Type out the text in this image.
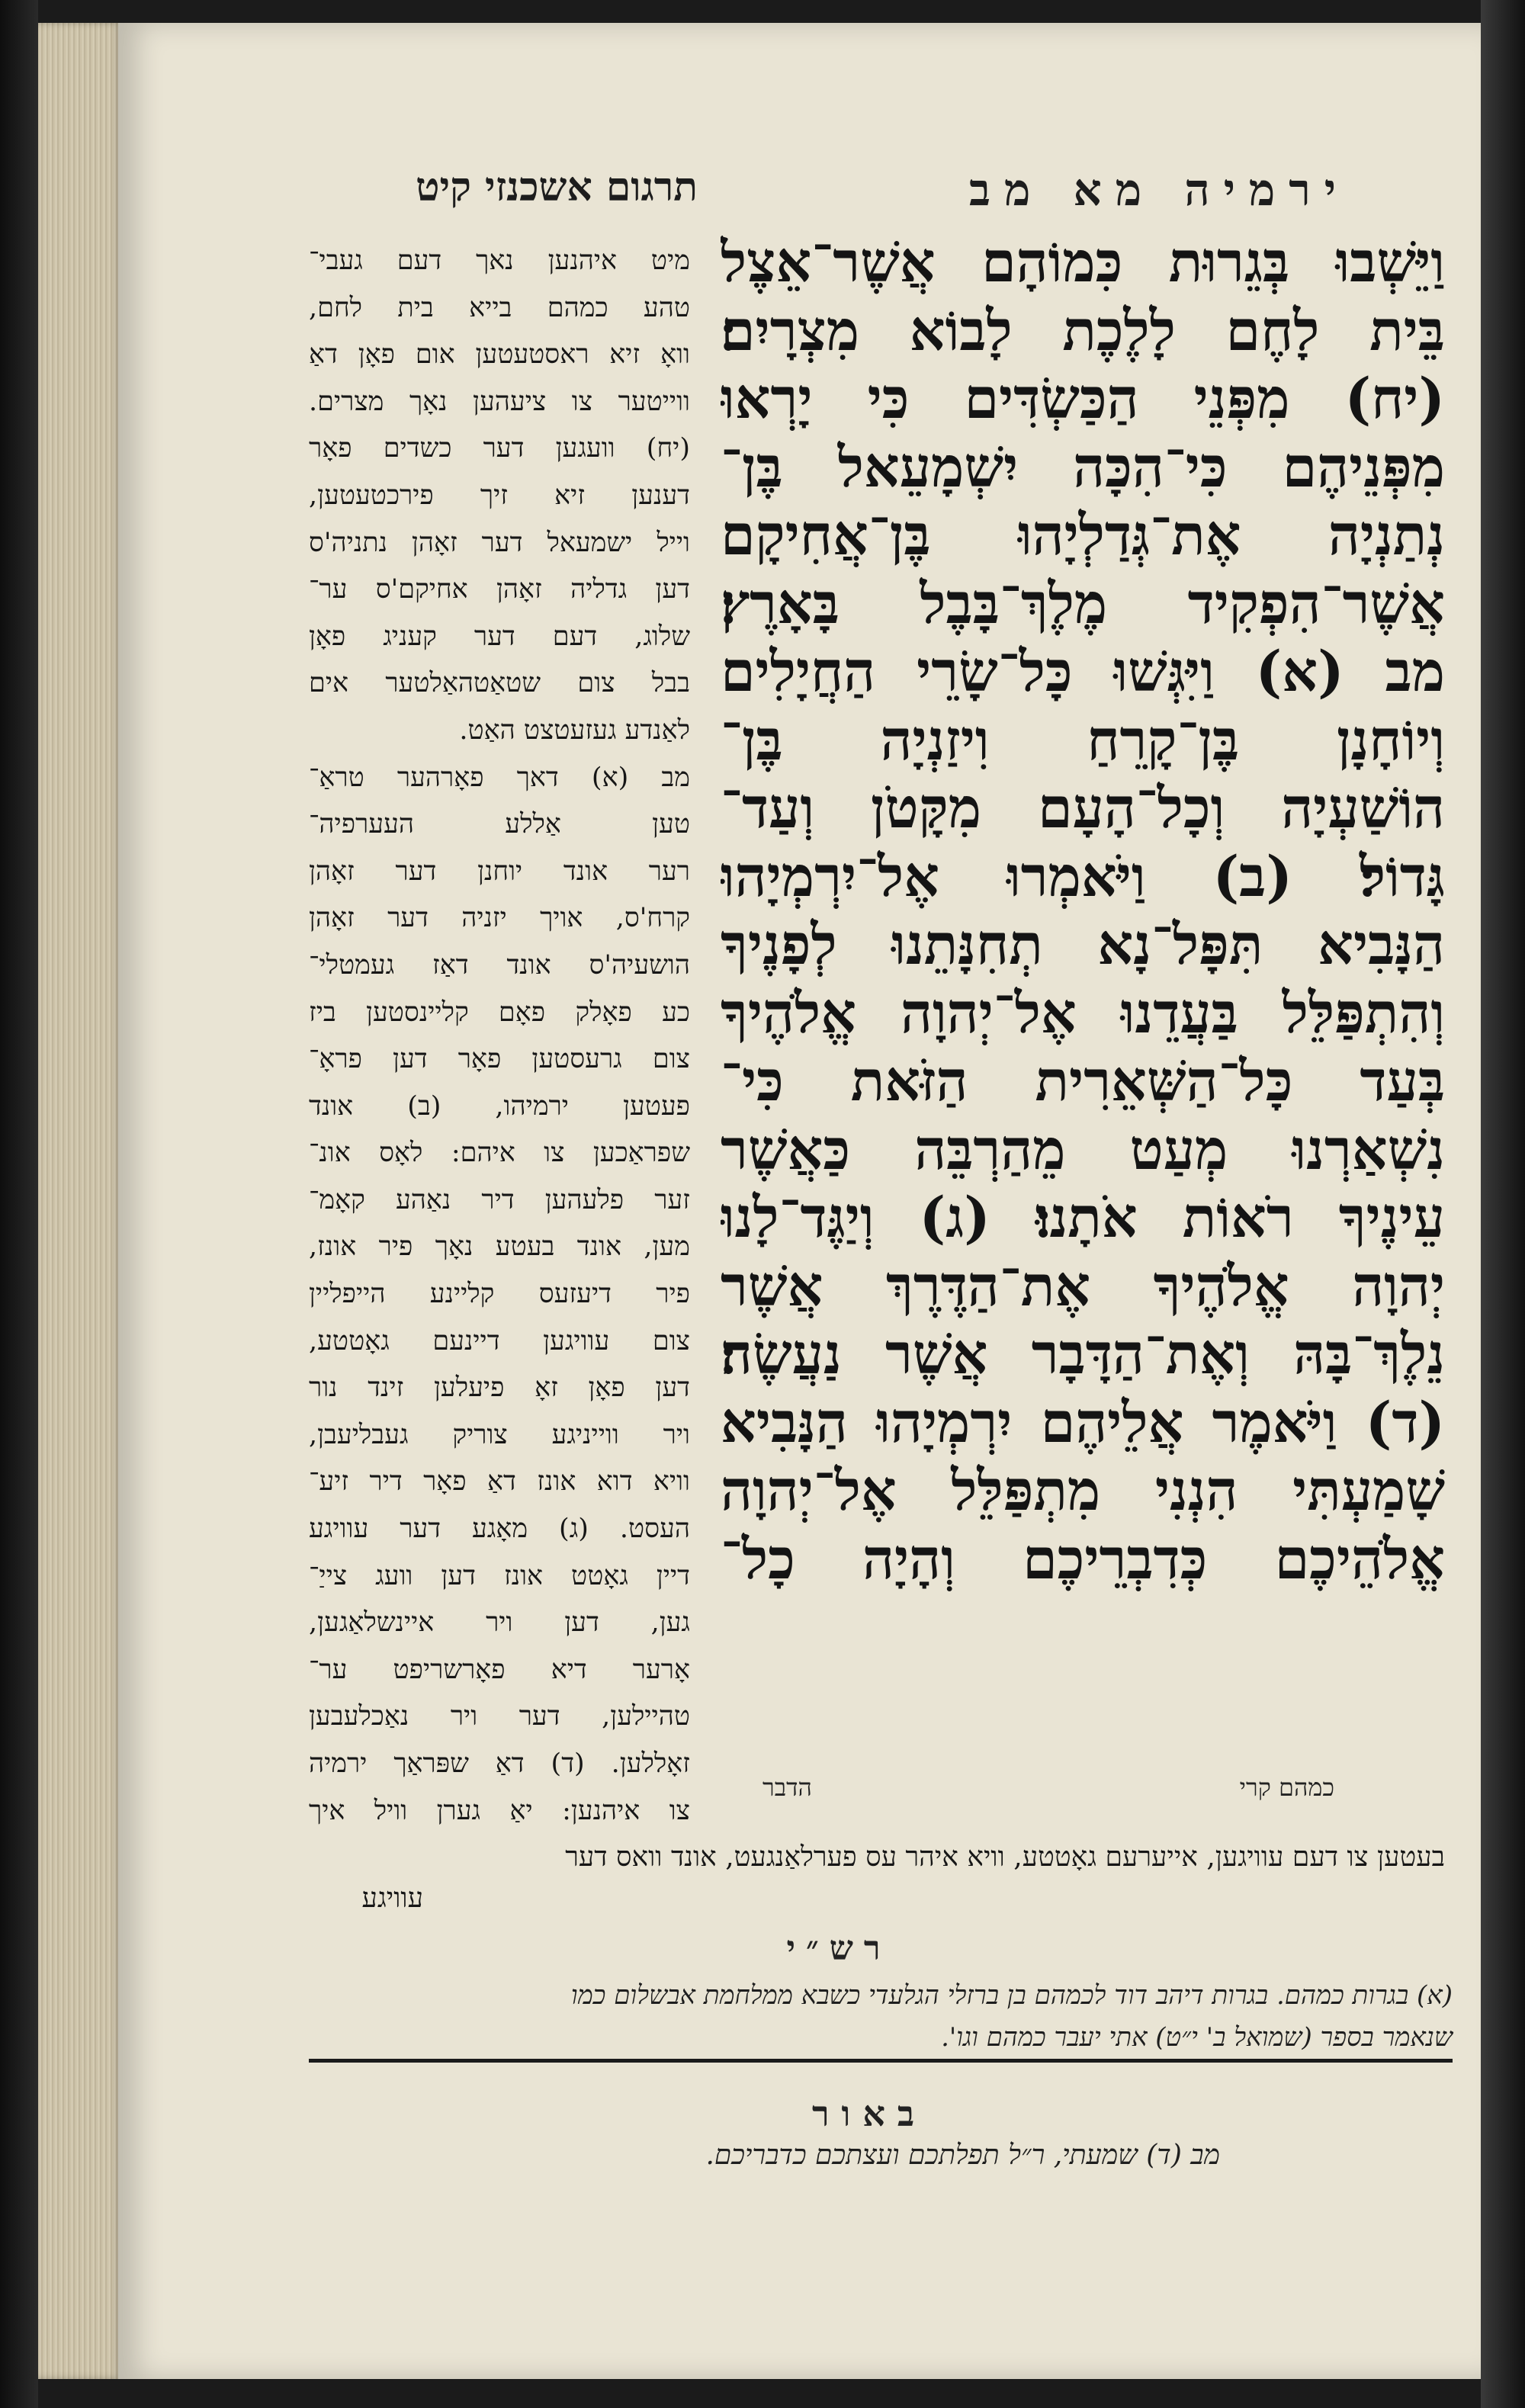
ירמיה מא מב
תרגום אשכנזי קיט
וַיֵּשְׁבוּ בְּגֵרוּת כִּמוֹהָם אֲשֶׁר־אֵצֶל
בֵּית לָחֶם לָלֶכֶת לָבוֹא מִצְרָיִם׃
(יח) מִפְּנֵי הַכַּשְׂדִּים כִּי יָרְאוּ
מִפְּנֵיהֶם כִּי־הִכָּה יִשְׁמָעֵאל בֶּן־
נְתַנְיָה אֶת־גְּדַלְיָהוּ בֶּן־אֲחִיקָם
אֲשֶׁר־הִפְקִיד מֶלֶךְ־בָּבֶל בָּאָרֶץ׃
מב (א) וַיִּגְּשׁוּ כָּל־שָׂרֵי הַחֲיָלִים
וְיוֹחָנָן בֶּן־קָרֵחַ וִיזַנְיָה בֶּן־
הוֹשַׁעְיָה וְכָל־הָעָם מִקָּטֹן וְעַד־
גָּדוֹל׃ (ב) וַיֹּאמְרוּ אֶל־יִרְמְיָהוּ
הַנָּבִיא תִּפָּל־נָא תְחִנָּתֵנוּ לְפָנֶיךָ
וְהִתְפַּלֵּל בַּעֲדֵנוּ אֶל־יְהוָה אֱלֹהֶיךָ
בְּעַד כָּל־הַשְּׁאֵרִית הַזֹּאת כִּי־
נִשְׁאַרְנוּ מְעַט מֵהַרְבֵּה כַּאֲשֶׁר
עֵינֶיךָ רֹאוֹת אֹתָנוּ׃ (ג) וְיַגֶּד־לָנוּ
יְהוָה אֱלֹהֶיךָ אֶת־הַדֶּרֶךְ אֲשֶׁר
נֵלֶךְ־בָּהּ וְאֶת־הַדָּבָר אֲשֶׁר נַעֲשֶׂה׃
(ד) וַיֹּאמֶר אֲלֵיהֶם יִרְמְיָהוּ הַנָּבִיא
שָׁמַעְתִּי הִנְנִי מִתְפַּלֵּל אֶל־יְהוָה
אֱלֹהֵיכֶם כְּדִבְרֵיכֶם וְהָיָה כָל־
מיט איהנען נאך דעם געבי־
טהע כמהם בייא בית לחם,
וואָ זיא ראסטעטען אום פאָן דאַ
ווייטער צו ציעהען נאָך מצרים.
(יח) וועגען דער כשדים פאָר
דענען זיא זיך פירכטעטען,
וייל ישמעאל דער זאָהן נתניה'ס
דען גדליה זאָהן אחיקם'ס ער־
שלוג, דעם דער קעניג פאָן
בבל צום שטאַטהאַלטער אים
לאַנדע געזעטצט האַט.
מב (א) דאך פאָרהער טראַ־
טען אַללע העערפיה־
רער אונד יוחנן דער זאָהן
קרח'ס, אויך יזניה דער זאָהן
הושעיה'ס אונד דאַז געמטלי־
כע פאָלק פאָם קליינסטען ביז
צום גרעסטען פאָר דען פראָ־
פעטען ירמיהו, (ב) אונד
שפראַכען צו איהם: לאָס אונ־
זער פלעהען דיר נאַהע קאָמ־
מען, אונד בעטע נאָך פיר אונז,
פיר דיעזעס קליינע הייפליין
צום עוויגען דיינעם גאָטטע,
דען פאָן זאָ פיעלען זינד נור
ויר ווייניגע צוריק געבליעבן,
וויא דוא אונז דאַ פאָר דיר זיע־
העסט. (ג) מאָגע דער עוויגע
דיין גאָטט אונז דען וועג צייַ־
גען, דען ויר איינשלאַגען,
אָרער דיא פאָרשריפט ער־
טהיילען, דער ויר נאַכלעבען
זאָללען. (ד) דאַ שפּראַך ירמיה
צו איהנען: יאַ גערן וויל איך
כמהם קרי
הדבר
בעטען צו דעם עוויגען, אייערעם גאָטטע, וויא איהר עס פערלאַנגעט, אונד וואס דער
עוויגע
רש״י
(א) בגרות כמהם. בגרות דיהב דוד לכמהם בן ברזלי הגלעדי כשבא ממלחמת אבשלום כמו
שנאמר בספר (שמואל ב' י״ט) אתי יעבר כמהם וגו'.
באור
מב (ד) שמעתי, ר״ל תפלתכם ועצתכם כדבריכם.
